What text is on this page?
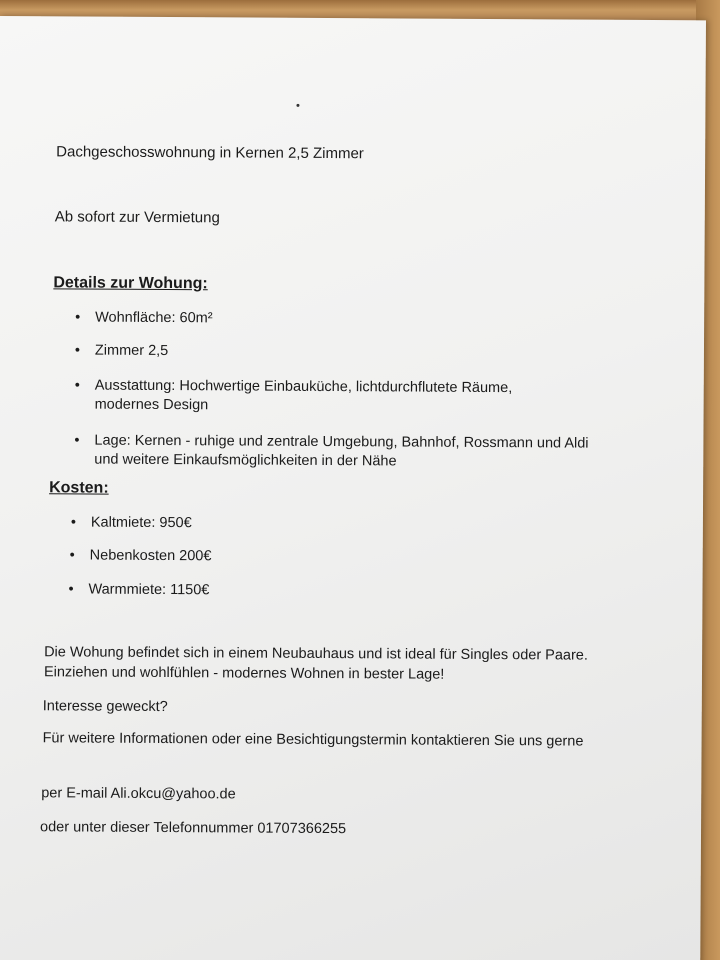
Dachgeschosswohnung in Kernen 2,5 Zimmer
Ab sofort zur Vermietung
Details zur Wohung:
• Wohnfläche: 60m²
• Zimmer 2,5
• Ausstattung: Hochwertige Einbauküche, lichtdurchflutete Räume, modernes Design
• Lage: Kernen - ruhige und zentrale Umgebung, Bahnhof, Rossmann und Aldi und weitere Einkaufsmöglichkeiten in der Nähe
Kosten:
• Kaltmiete: 950€
• Nebenkosten 200€
• Warmmiete: 1150€
Die Wohung befindet sich in einem Neubauhaus und ist ideal für Singles oder Paare. Einziehen und wohlfühlen - modernes Wohnen in bester Lage!
Interesse geweckt?
Für weitere Informationen oder eine Besichtigungstermin kontaktieren Sie uns gerne
per E-mail Ali.okcu@yahoo.de
oder unter dieser Telefonnummer 01707366255
